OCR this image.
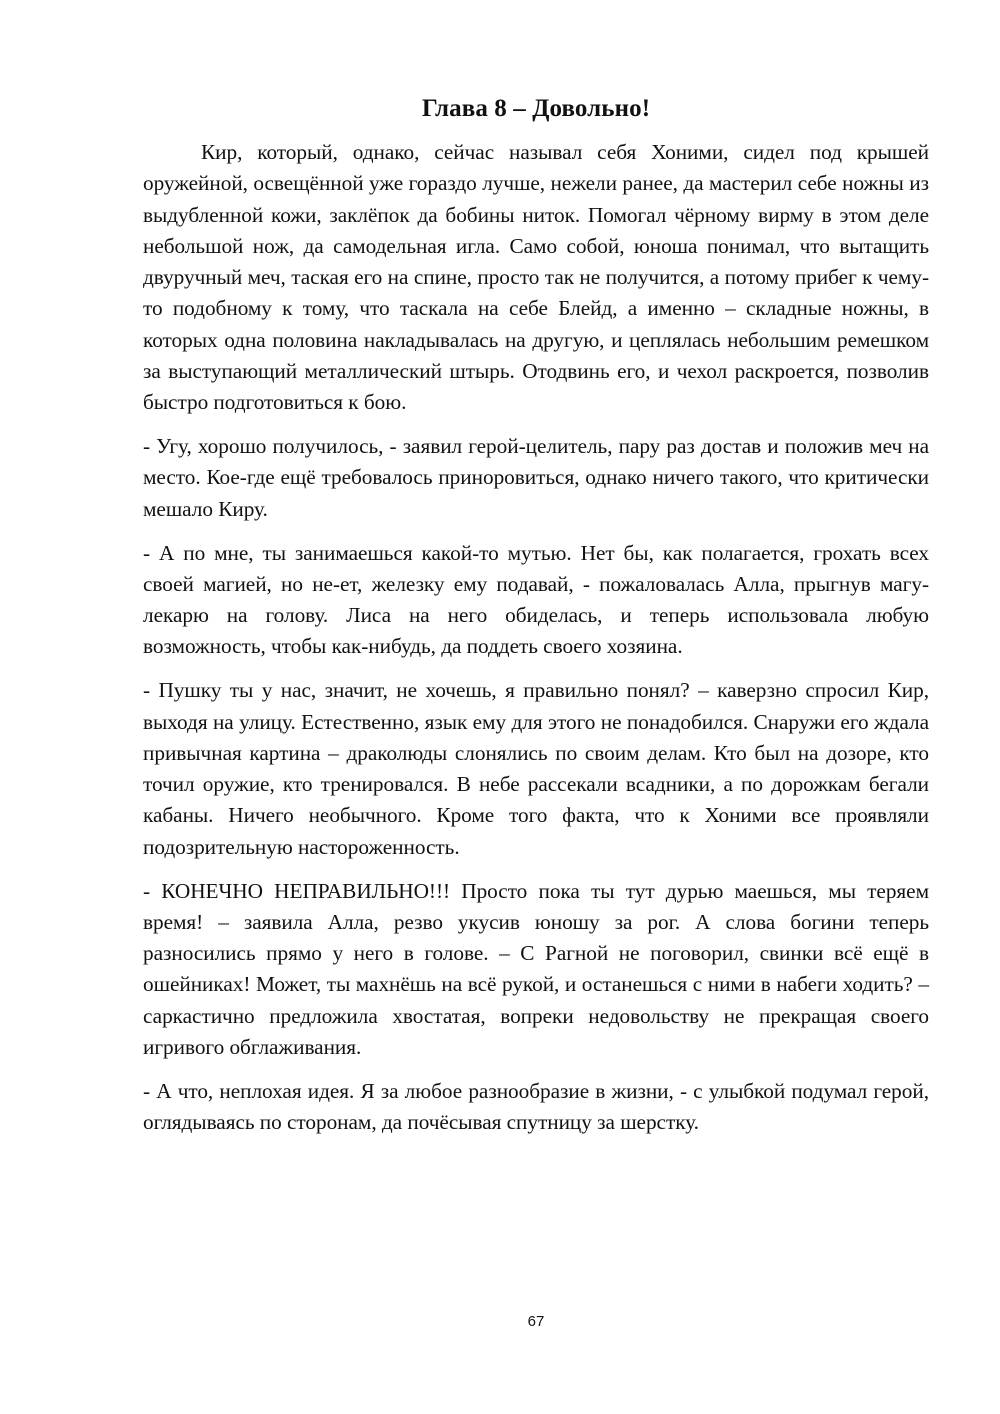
Глава 8 – Довольно!

Кир, который, однако, сейчас называл себя Хоними, сидел под крышей оружейной, освещённой уже гораздо лучше, нежели ранее, да мастерил себе ножны из выдубленной кожи, заклёпок да бобины ниток. Помогал чёрному вирму в этом деле небольшой нож, да самодельная игла. Само собой, юноша понимал, что вытащить двуручный меч, таская его на спине, просто так не получится, а потому прибег к чему-то подобному к тому, что таскала на себе Блейд, а именно – складные ножны, в которых одна половина накладывалась на другую, и цеплялась небольшим ремешком за выступающий металлический штырь. Отодвинь его, и чехол раскроется, позволив быстро подготовиться к бою.

- Угу, хорошо получилось, - заявил герой-целитель, пару раз достав и положив меч на место. Кое-где ещё требовалось приноровиться, однако ничего такого, что критически мешало Киру.

- А по мне, ты занимаешься какой-то мутью. Нет бы, как полагается, грохать всех своей магией, но не-ет, железку ему подавай, - пожаловалась Алла, прыгнув магу-лекарю на голову. Лиса на него обиделась, и теперь использовала любую возможность, чтобы как-нибудь, да поддеть своего хозяина.

- Пушку ты у нас, значит, не хочешь, я правильно понял? – каверзно спросил Кир, выходя на улицу. Естественно, язык ему для этого не понадобился. Снаружи его ждала привычная картина – драколюды слонялись по своим делам. Кто был на дозоре, кто точил оружие, кто тренировался. В небе рассекали всадники, а по дорожкам бегали кабаны. Ничего необычного. Кроме того факта, что к Хоними все проявляли подозрительную настороженность.

- КОНЕЧНО НЕПРАВИЛЬНО!!! Просто пока ты тут дурью маешься, мы теряем время! – заявила Алла, резво укусив юношу за рог. А слова богини теперь разносились прямо у него в голове. – С Рагной не поговорил, свинки всё ещё в ошейниках! Может, ты махнёшь на всё рукой, и останешься с ними в набеги ходить? – саркастично предложила хвостатая, вопреки недовольству не прекращая своего игривого обглаживания.

- А что, неплохая идея. Я за любое разнообразие в жизни, - с улыбкой подумал герой, оглядываясь по сторонам, да почёсывая спутницу за шерстку.

67
